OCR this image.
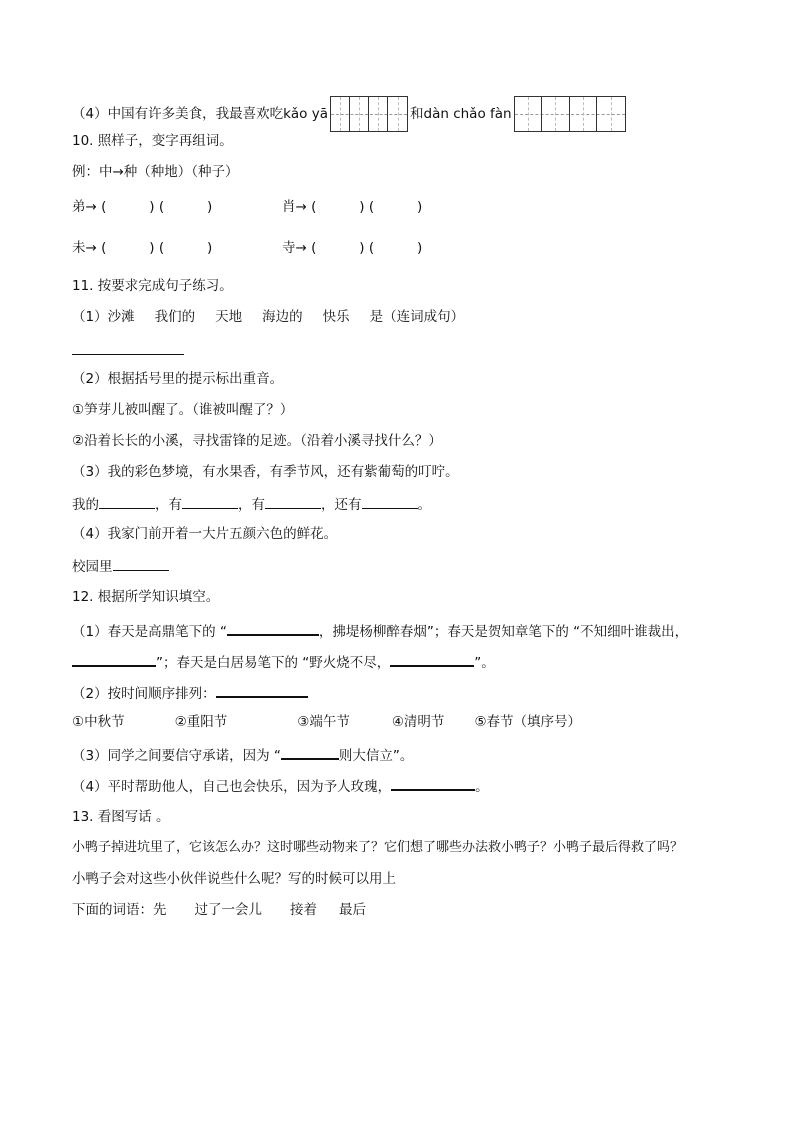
（4）中国有许多美食，我最喜欢吃kǎo yā	和dàn chǎo fàn
10. 照样子，变字再组词。
例：中→种（种地）（种子）
弟→ (          ) (          )	肖→ (          ) (          )
未→ (          ) (          )	寺→ (          ) (          )
11. 按要求完成句子练习。
（1）沙滩 我们的 天地 海边的 快乐 是（连词成句）
（2）根据括号里的提示标出重音。
①笋芽儿被叫醒了。（谁被叫醒了？）
②沿着长长的小溪，寻找雷锋的足迹。（沿着小溪寻找什么？）
（3）我的彩色梦境，有水果香，有季节风，还有紫葡萄的叮咛。
我的	，有	，有	，还有	。
（4）我家门前开着一大片五颜六色的鲜花。
校园里
12. 根据所学知识填空。
（1）春天是高鼎笔下的 “	，拂堤杨柳醉春烟”；春天是贺知章笔下的 “不知细叶谁裁出，
”；春天是白居易笔下的 “野火烧不尽，	”。
（2）按时间顺序排列：
①中秋节	②重阳节	③端午节	④清明节 ⑤春节（填序号）
（3）同学之间要信守承诺，因为 “	则大信立”。
（4）平时帮助他人，自己也会快乐，因为予人玫瑰，	。
13. 看图写话 。
小鸭子掉进坑里了，它该怎么办？这时哪些动物来了？它们想了哪些办法救小鸭子？小鸭子最后得救了吗？
小鸭子会对这些小伙伴说些什么呢？写的时候可以用上
下面的词语：先 过了一会儿 接着 最后
